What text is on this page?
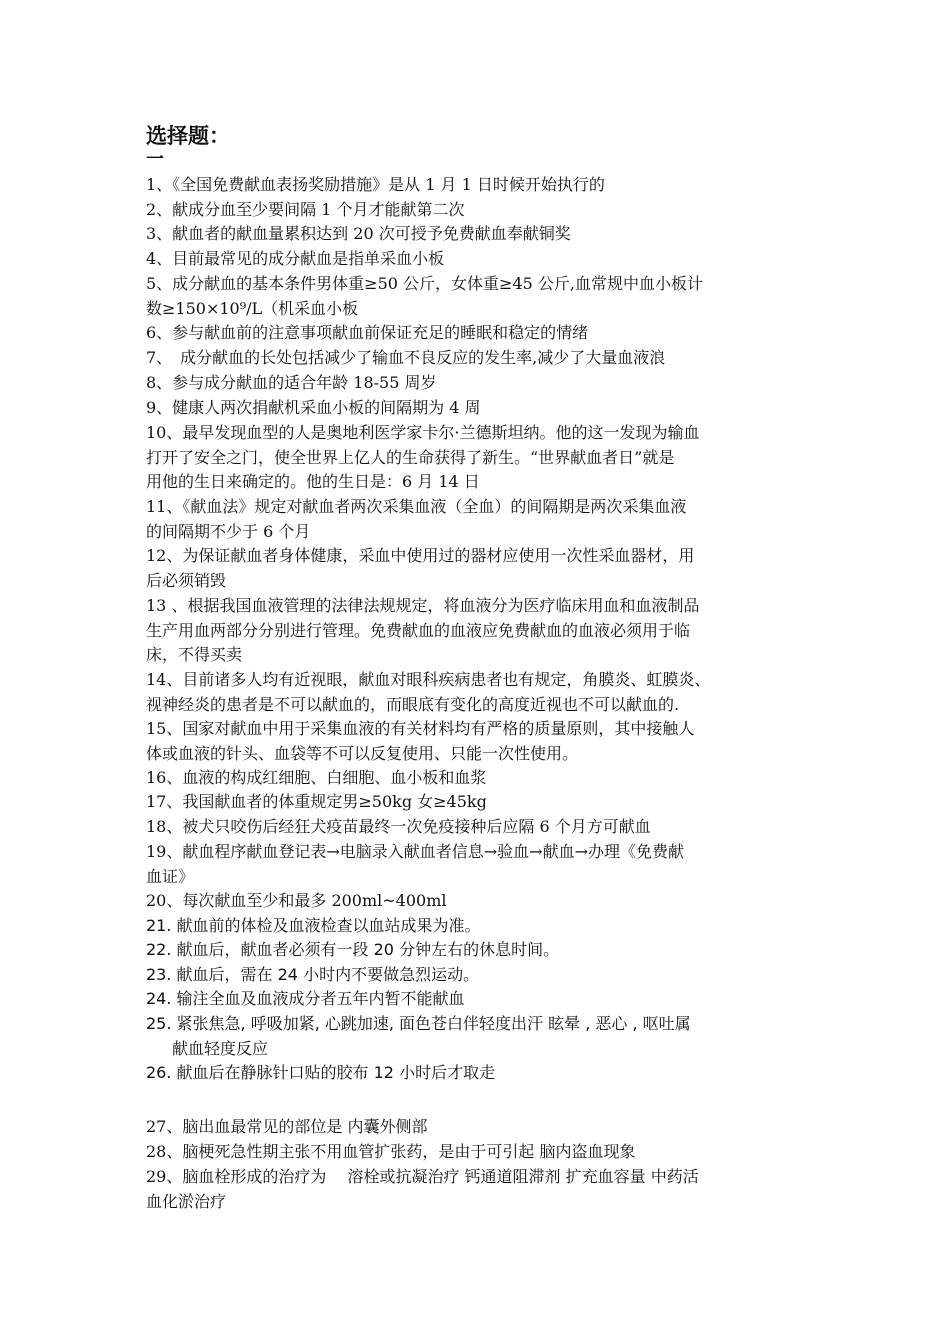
选择题：
一
1、《全国免费献血表扬奖励措施》是从 1 月 1 日时候开始执行的
2、献成分血至少要间隔 1 个月才能献第二次
3、献血者的献血量累积达到 20 次可授予免费献血奉献铜奖
4、目前最常见的成分献血是指单采血小板
5、成分献血的基本条件男体重≥50 公斤，女体重≥45 公斤,血常规中血小板计
数≥150×10⁹/L（机采血小板
6、参与献血前的注意事项献血前保证充足的睡眠和稳定的情绪
7、　成分献血的长处包括减少了输血不良反应的发生率,减少了大量血液浪
8、参与成分献血的适合年龄 18-55 周岁
9、健康人两次捐献机采血小板的间隔期为 4 周
10、最早发现血型的人是奥地利医学家卡尔·兰德斯坦纳。他的这一发现为输血
打开了安全之门，使全世界上亿人的生命获得了新生。“世界献血者日”就是
用他的生日来确定的。他的生日是：6 月 14 日
11、《献血法》规定对献血者两次采集血液（全血）的间隔期是两次采集血液
的间隔期不少于 6 个月
12、为保证献血者身体健康，采血中使用过的器材应使用一次性采血器材，用
后必须销毁
13 、根据我国血液管理的法律法规规定，将血液分为医疗临床用血和血液制品
生产用血两部分分别进行管理。免费献血的血液应免费献血的血液必须用于临
床，不得买卖
14、目前诸多人均有近视眼，献血对眼科疾病患者也有规定，角膜炎、虹膜炎、
视神经炎的患者是不可以献血的，而眼底有变化的高度近视也不可以献血的.
15、国家对献血中用于采集血液的有关材料均有严格的质量原则，其中接触人
体或血液的针头、血袋等不可以反复使用、只能一次性使用。
16、血液的构成红细胞、白细胞、血小板和血浆
17、我国献血者的体重规定男≥50kg 女≥45kg
18、被犬只咬伤后经狂犬疫苗最终一次免疫接种后应隔 6 个月方可献血
19、献血程序献血登记表→电脑录入献血者信息→验血→献血→办理《免费献
血证》
20、每次献血至少和最多 200ml~400ml
21. 献血前的体检及血液检查以血站成果为准。
22. 献血后，献血者必须有一段 20 分钟左右的休息时间。
23. 献血后，需在 24 小时内不要做急烈运动。
24. 输注全血及血液成分者五年内暂不能献血
25. 紧张焦急, 呼吸加紧, 心跳加速, 面色苍白伴轻度出汗 眩晕 , 恶心 , 呕吐属
献血轻度反应
26. 献血后在静脉针口贴的胶布 12 小时后才取走
27、脑出血最常见的部位是 内囊外侧部
28、脑梗死急性期主张不用血管扩张药，是由于可引起 脑内盗血现象
29、脑血栓形成的治疗为　 溶栓或抗凝治疗 钙通道阻滞剂 扩充血容量 中药活
血化淤治疗
